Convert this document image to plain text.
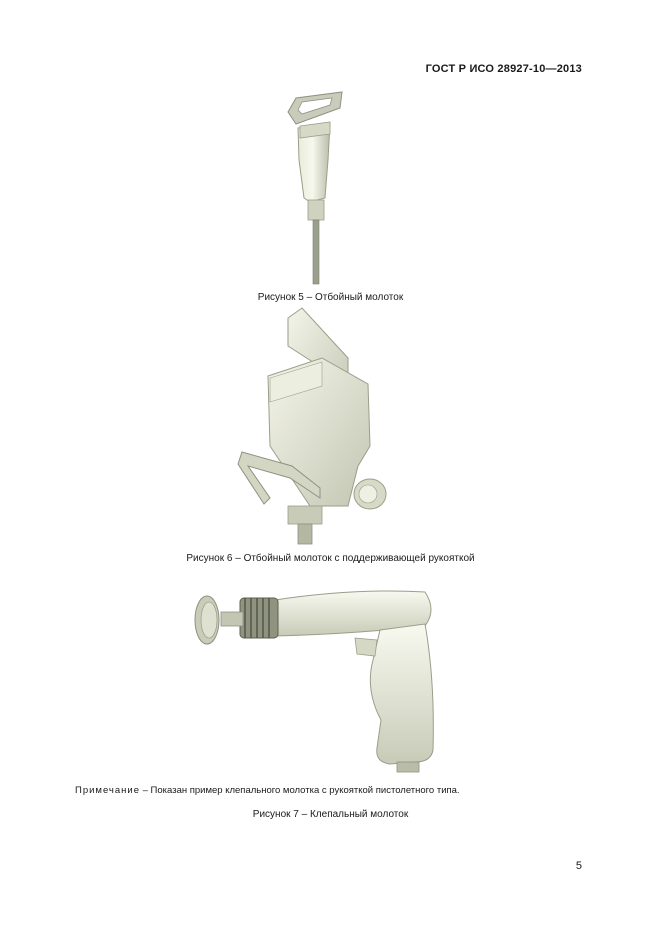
ГОСТ Р ИСО 28927-10—2013
Рисунок 5 – Отбойный молоток
Рисунок 6 – Отбойный молоток с поддерживающей рукояткой
Примечание – Показан пример клепального молотка с рукояткой пистолетного типа.
Рисунок 7 – Клепальный молоток
5
